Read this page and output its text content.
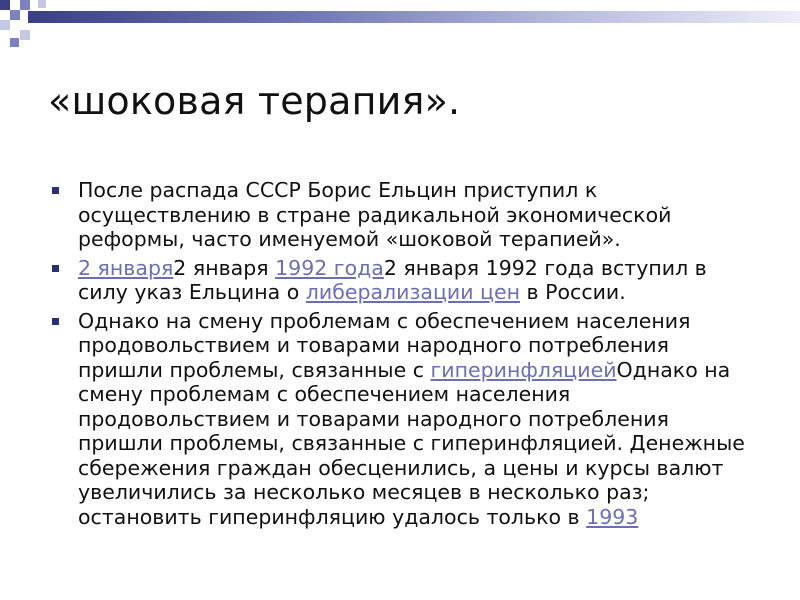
«шоковая терапия».
После распада СССР Борис Ельцин приступил к осуществлению в стране радикальной экономической реформы, часто именуемой «шоковой терапией».
2 января2 января 1992 года2 января 1992 года вступил в силу указ Ельцина о либерализации цен в России.
Однако на смену проблемам с обеспечением населения продовольствием и товарами народного потребления пришли проблемы, связанные с гиперинфляциейОднако на смену проблемам с обеспечением населения продовольствием и товарами народного потребления пришли проблемы, связанные с гиперинфляцией. Денежные сбережения граждан обесценились, а цены и курсы валют увеличились за несколько месяцев в несколько раз; остановить гиперинфляцию удалось только в 1993
